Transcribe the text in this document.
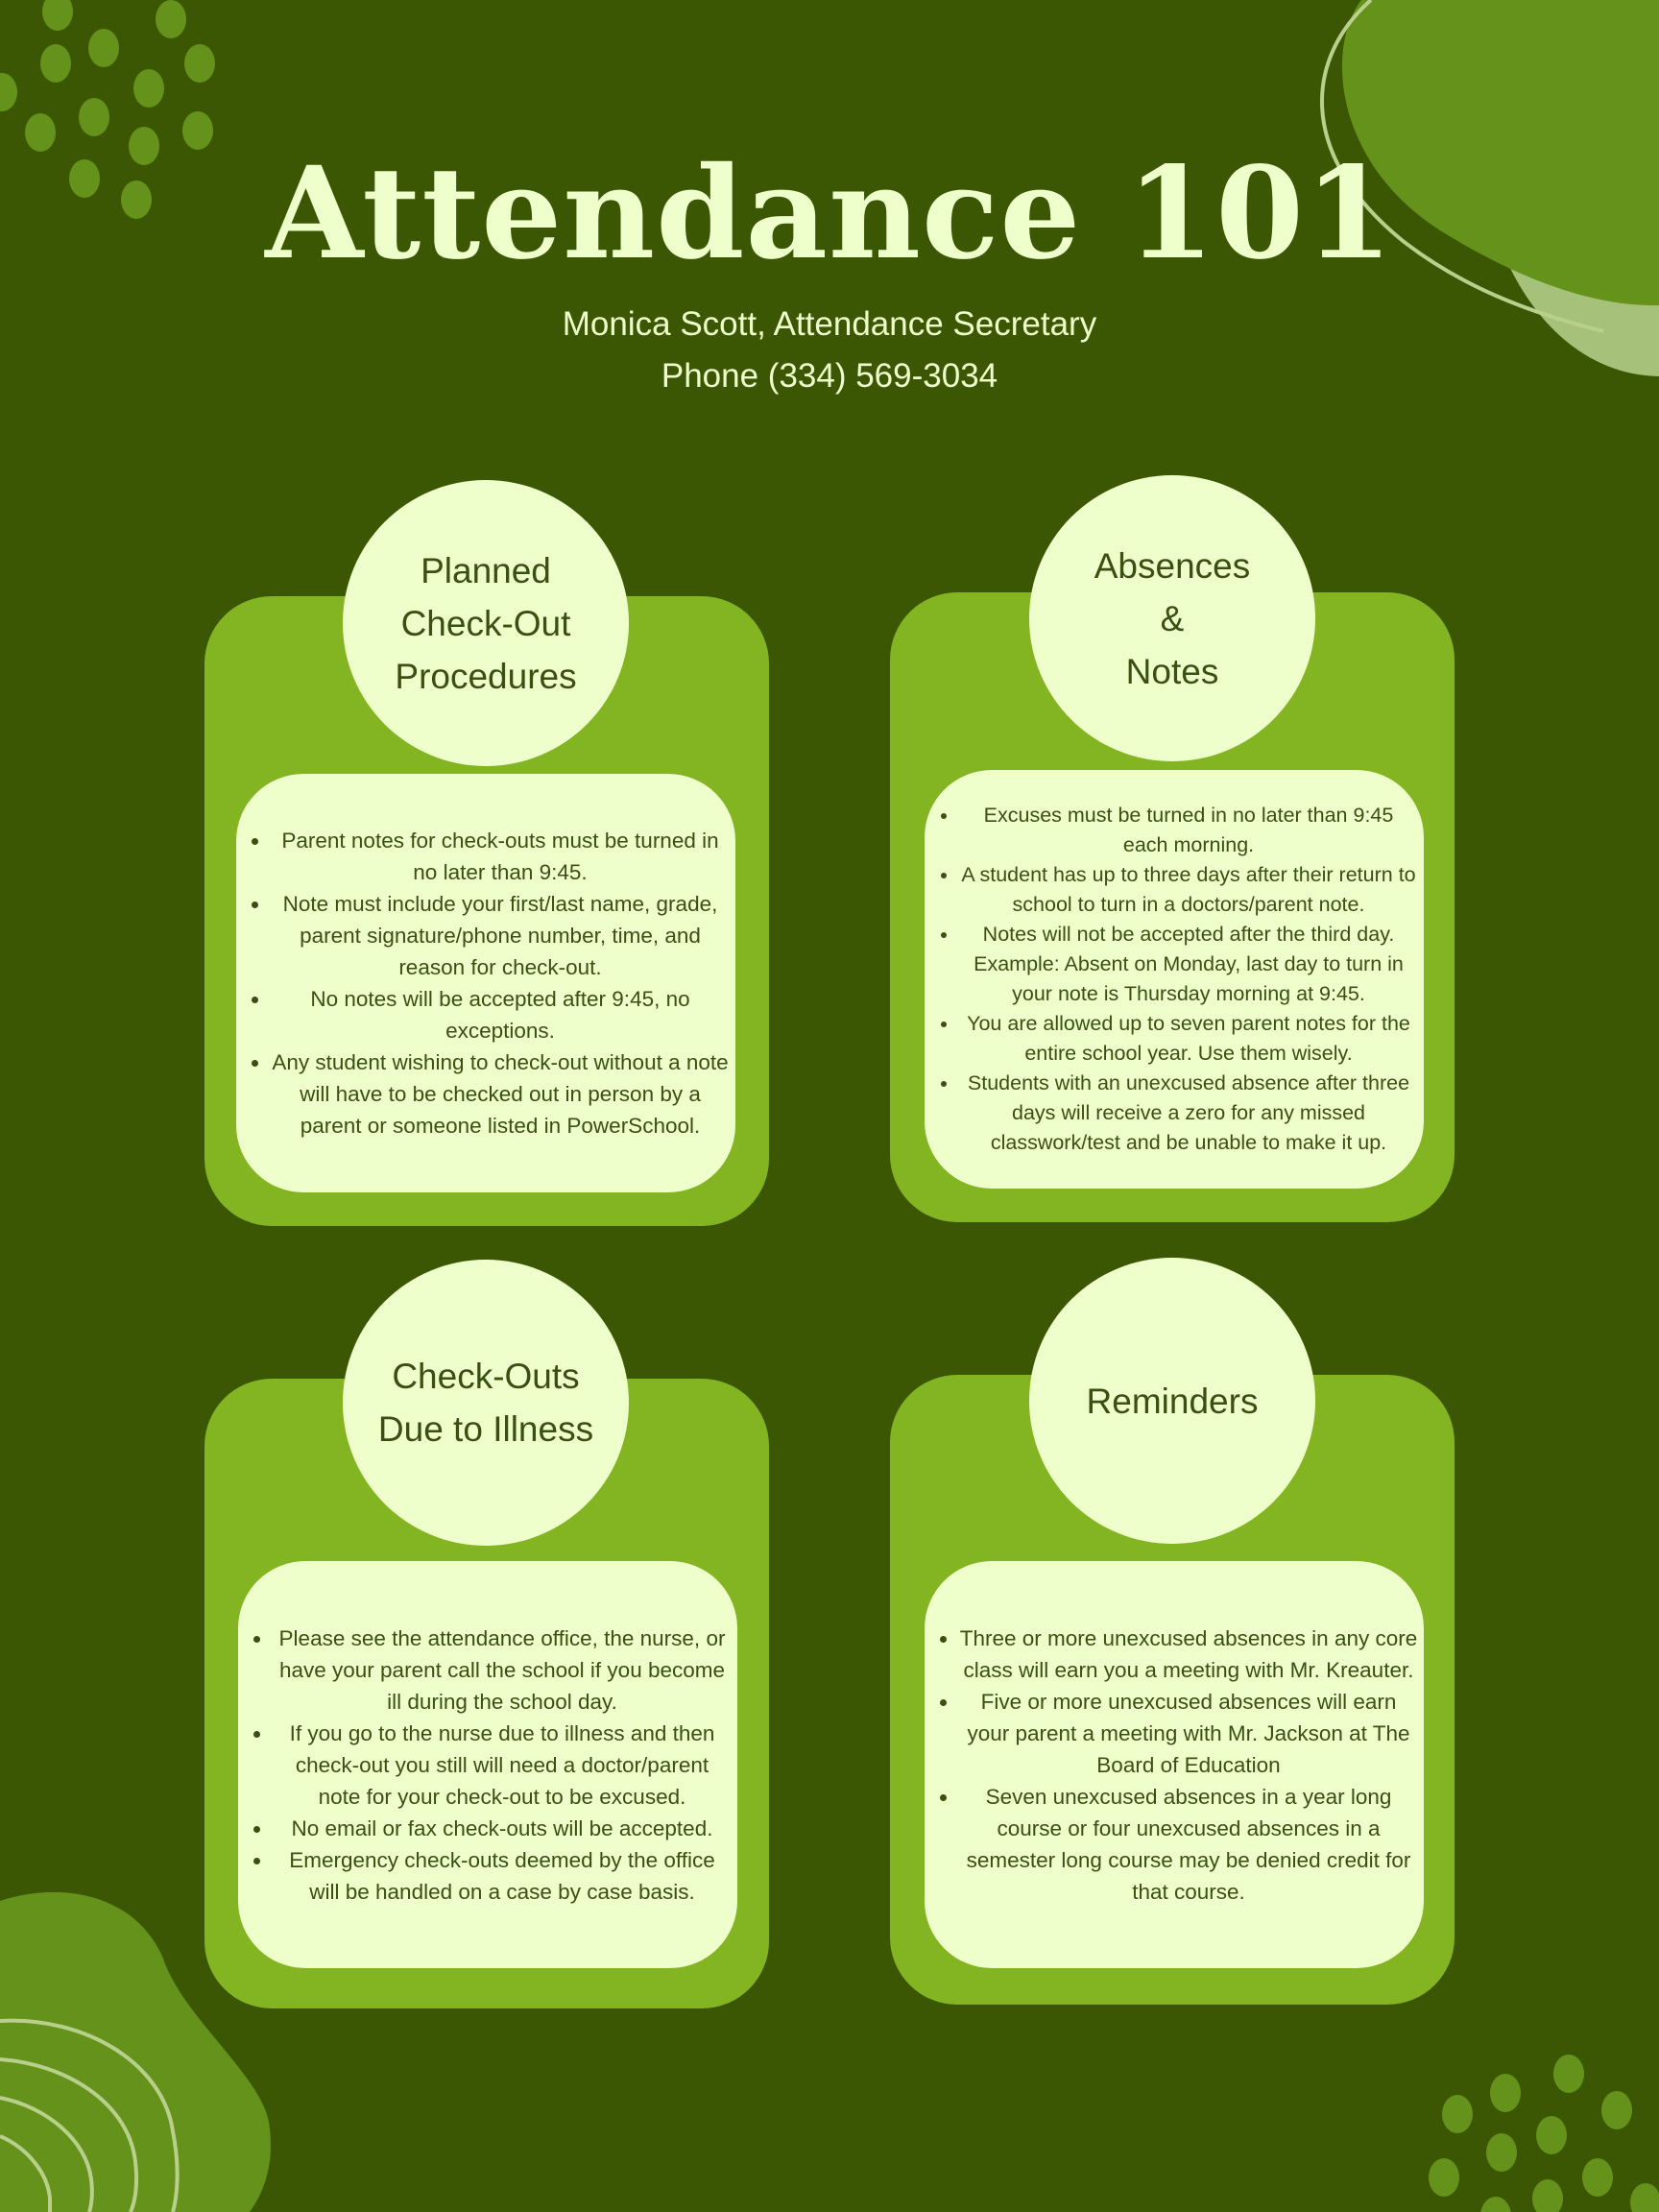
Attendance 101
Monica Scott, Attendance Secretary
Phone (334) 569-3034
• Parent notes for check-outs must be turned in no later than 9:45.
• Note must include your first/last name, grade, parent signature/phone number, time, and reason for check-out.
• No notes will be accepted after 9:45, no exceptions.
• Any student wishing to check-out without a note will have to be checked out in person by a parent or someone listed in PowerSchool.
Planned
Check-Out
Procedures
• Excuses must be turned in no later than 9:45 each morning.
• A student has up to three days after their return to school to turn in a doctors/parent note.
• Notes will not be accepted after the third day. Example: Absent on Monday, last day to turn in your note is Thursday morning at 9:45.
• You are allowed up to seven parent notes for the entire school year. Use them wisely.
• Students with an unexcused absence after three days will receive a zero for any missed classwork/test and be unable to make it up.
Absences
&
Notes
• Please see the attendance office, the nurse, or have your parent call the school if you become ill during the school day.
• If you go to the nurse due to illness and then check-out you still will need a doctor/parent note for your check-out to be excused.
• No email or fax check-outs will be accepted.
• Emergency check-outs deemed by the office will be handled on a case by case basis.
Check-Outs
Due to Illness
• Three or more unexcused absences in any core class will earn you a meeting with Mr. Kreauter.
• Five or more unexcused absences will earn your parent a meeting with Mr. Jackson at The Board of Education
• Seven unexcused absences in a year long course or four unexcused absences in a semester long course may be denied credit for that course.
Reminders
